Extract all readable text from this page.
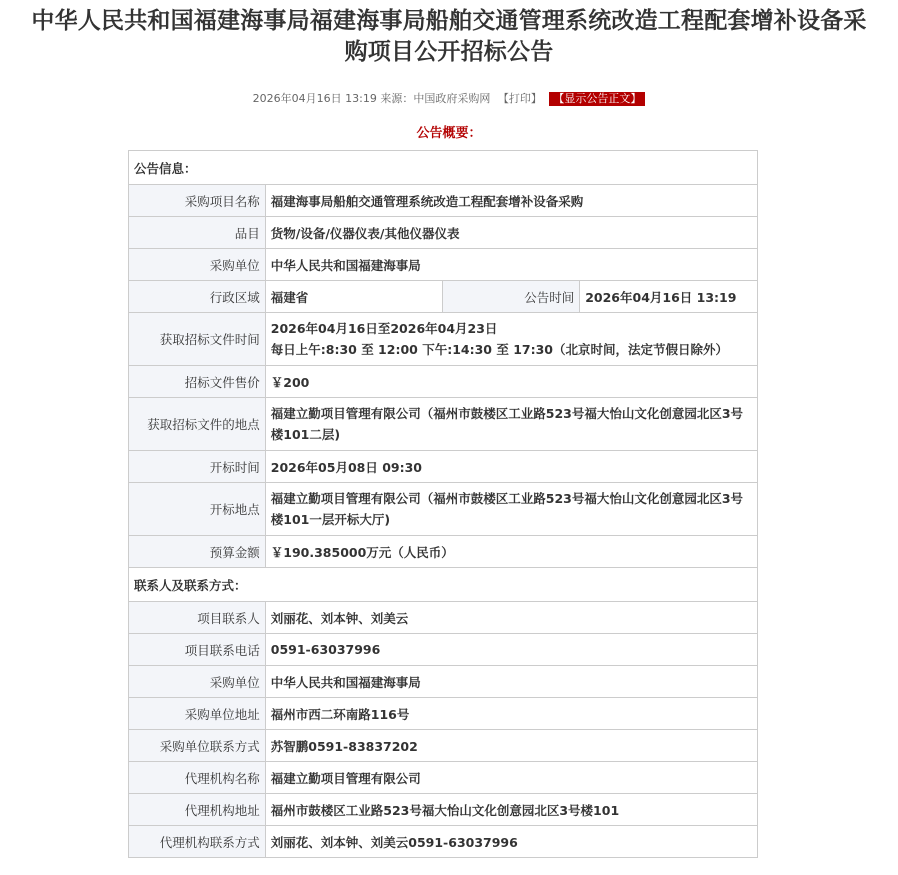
中华人民共和国福建海事局福建海事局船舶交通管理系统改造工程配套增补设备采
购项目公开招标公告
2026年04月16日 13:19 来源：中国政府采购网 【打印】 【显示公告正文】
公告概要：
公告信息：			
采购项目名称	福建海事局船舶交通管理系统改造工程配套增补设备采购		
品目	货物/设备/仪器仪表/其他仪器仪表		
采购单位	中华人民共和国福建海事局		
行政区域	福建省	公告时间	2026年04月16日 13:19
获取招标文件时间	2026年04月16日至2026年04月23日
每日上午:8:30 至 12:00 下午:14:30 至 17:30（北京时间，法定节假日除外）		

招标文件售价	￥200		
获取招标文件的地点	福建立勤项目管理有限公司（福州市鼓楼区工业路523号福大怡山文化创意园北区3号
楼101二层)		

开标时间	2026年05月08日 09:30		
开标地点	福建立勤项目管理有限公司（福州市鼓楼区工业路523号福大怡山文化创意园北区3号
楼101一层开标大厅)		

预算金额	￥190.385000万元（人民币）		
联系人及联系方式：			
项目联系人	刘丽花、刘本钟、刘美云		
项目联系电话	0591-63037996		
采购单位	中华人民共和国福建海事局		
采购单位地址	福州市西二环南路116号		
采购单位联系方式	苏智鹏0591-83837202		
代理机构名称	福建立勤项目管理有限公司		
代理机构地址	福州市鼓楼区工业路523号福大怡山文化创意园北区3号楼101		
代理机构联系方式	刘丽花、刘本钟、刘美云0591-63037996		
